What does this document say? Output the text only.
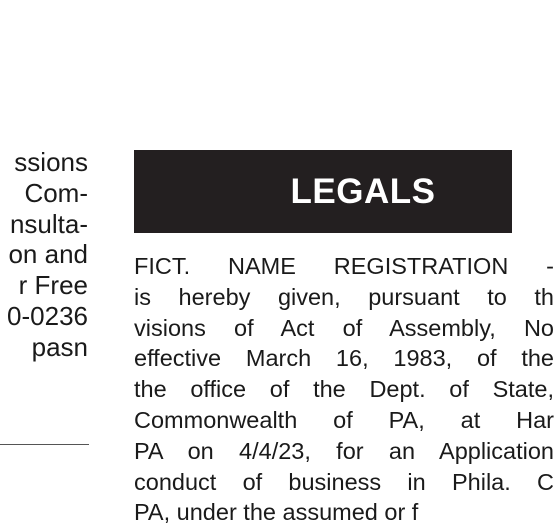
ssions
Com-
nsulta-
on and
r Free
0-0236
pasn
LEGALS
FICT. NAME REGISTRATION -
is hereby given, pursuant to th
visions of Act of Assembly, No
effective March 16, 1983, of the
the office of the Dept. of State,
Commonwealth of PA, at Har
PA on 4/4/23, for an Application
conduct of business in Phila. C
PA, under the assumed or f
